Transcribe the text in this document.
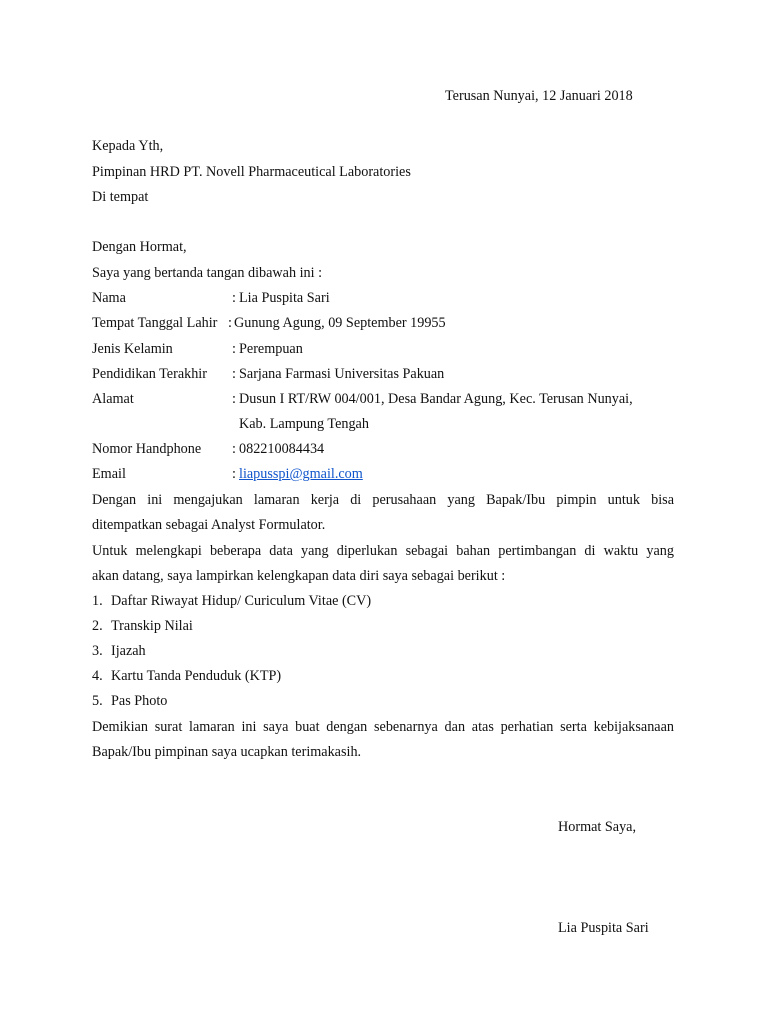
Terusan Nunyai, 12 Januari 2018
Kepada Yth,
Pimpinan HRD PT. Novell Pharmaceutical Laboratories
Di tempat
Dengan Hormat,
Saya yang bertanda tangan dibawah ini :
Nama	: Lia Puspita Sari
Tempat Tanggal Lahir : Gunung Agung, 09 September 19955
Jenis Kelamin	: Perempuan
Pendidikan Terakhir : Sarjana Farmasi Universitas Pakuan
Alamat	: Dusun I RT/RW 004/001, Desa Bandar Agung, Kec. Terusan Nunyai,
Kab. Lampung Tengah
Nomor Handphone : 082210084434
Email	: liapusspi@gmail.com
Dengan ini mengajukan lamaran kerja di perusahaan yang Bapak/Ibu pimpin untuk bisa
ditempatkan sebagai Analyst Formulator.
Untuk melengkapi beberapa data yang diperlukan sebagai bahan pertimbangan di waktu yang
akan datang, saya lampirkan kelengkapan data diri saya sebagai berikut :
1. Daftar Riwayat Hidup/ Curiculum Vitae (CV)
2. Transkip Nilai
3. Ijazah
4. Kartu Tanda Penduduk (KTP)
5. Pas Photo
Demikian surat lamaran ini saya buat dengan sebenarnya dan atas perhatian serta kebijaksanaan
Bapak/Ibu pimpinan saya ucapkan terimakasih.
Hormat Saya,
Lia Puspita Sari
